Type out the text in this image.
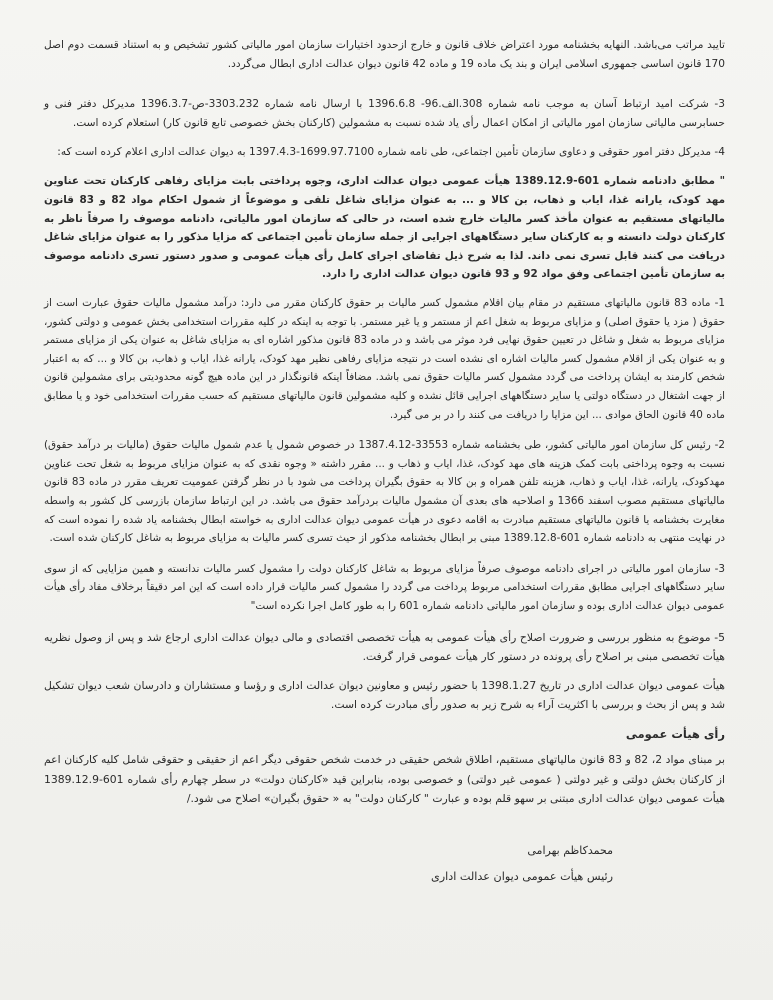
تایید مراتب می‌باشد. النهایه بخشنامه مورد اعتراض خلاف قانون و خارج ازحدود اختیارات سازمان امور مالیاتی کشور تشخیص و به استناد قسمت دوم اصل 170 قانون اساسی جمهوری اسلامی ایران و بند یک ماده 19 و ماده 42 قانون دیوان عدالت اداری ابطال می‌گردد.

3- شرکت امید ارتباط آسان به موجب نامه شماره 308.الف.96- 1396.6.8 با ارسال نامه شماره 3303.232-ص-1396.3.7 مدیرکل دفتر فنی و حسابرسی مالیاتی سازمان امور مالیاتی از امکان اعمال رأی یاد شده نسبت به مشمولین (کارکنان بخش خصوصی تابع قانون کار) استعلام کرده است.

4- مدیرکل دفتر امور حقوقی و دعاوی سازمان تأمین اجتماعی، طی نامه شماره 1699.97.7100-1397.4.3 به دیوان عدالت اداری اعلام کرده است که:

" مطابق دادنامه شماره 601-1389.12.9 هیأت عمومی دیوان عدالت اداری، وجوه پرداختی بابت مزایای رفاهی کارکنان تحت عناوین مهد کودک، یارانه غذا، ایاب و ذهاب، بن کالا و ... به عنوان مزایای شاغل تلقی و موضوعاً از شمول احکام مواد 82 و 83 قانون مالیاتهای مستقیم به عنوان مأخذ کسر مالیات خارج شده است، در حالی که سازمان امور مالیاتی، دادنامه موصوف را صرفاً ناظر به کارکنان دولت دانسته و به کارکنان سایر دستگاههای اجرایی از جمله سازمان تأمین اجتماعی که مزایا مذکور را به عنوان مزایای شاغل دریافت می کنند قابل تسری نمی داند. لذا به شرح ذیل تقاضای اجرای کامل رأی هیأت عمومی و صدور دستور تسری دادنامه موصوف به سازمان تأمین اجتماعی وفق مواد 92 و 93 قانون دیوان عدالت اداری را دارد.

1- ماده 83 قانون مالیاتهای مستقیم در مقام بیان اقلام مشمول کسر مالیات بر حقوق کارکنان مقرر می دارد: درآمد مشمول مالیات حقوق عبارت است از حقوق ( مزد یا حقوق اصلی) و مزایای مربوط به شغل اعم از مستمر و یا غیر مستمر. با توجه به اینکه در کلیه مقررات استخدامی بخش عمومی و دولتی کشور، مزایای مربوط به شغل و شاغل در تعیین حقوق نهایی فرد موثر می باشد و در ماده 83 قانون مذکور اشاره ای به مزایای شاغل به عنوان یکی از مزایای مستمر و به عنوان یکی از اقلام مشمول کسر مالیات اشاره ای نشده است در نتیجه مزایای رفاهی نظیر مهد کودک، یارانه غذا، ایاب و ذهاب، بن کالا و ... که به اعتبار شخص کارمند به ایشان پرداخت می گردد مشمول کسر مالیات حقوق نمی باشد. مضافاً اینکه قانونگذار در این ماده هیچ گونه محدودیتی برای مشمولین قانون از جهت اشتغال در دستگاه دولتی یا سایر دستگاههای اجرایی قائل نشده و کلیه مشمولین قانون مالیاتهای مستقیم که حسب مقررات استخدامی خود و یا مطابق ماده 40 قانون الحاق موادی ... این مزایا را دریافت می کنند را در بر می گیرد.

2- رئیس کل سازمان امور مالیاتی کشور، طی بخشنامه شماره 33553-1387.4.12 در خصوص شمول یا عدم شمول مالیات حقوق (مالیات بر درآمد حقوق) نسبت به وجوه پرداختی بابت کمک هزینه های مهد کودک، غذا، ایاب و ذهاب و ... مقرر داشته « وجوه نقدی که به عنوان مزایای مربوط به شغل تحت عناوین مهدکودک، یارانه، غذا، ایاب و ذهاب، هزینه تلفن همراه و بن کالا به حقوق بگیران پرداخت می شود با در نظر گرفتن عمومیت تعریف مقرر در ماده 83 قانون مالیاتهای مستقیم مصوب اسفند 1366 و اصلاحیه های بعدی آن مشمول مالیات بردرآمد حقوق می باشد. در این ارتباط سازمان بازرسی کل کشور به واسطه مغایرت بخشنامه یا قانون مالیاتهای مستقیم مبادرت به اقامه دعوی در هیأت عمومی دیوان عدالت اداری به خواسته ابطال بخشنامه یاد شده را نموده است که در نهایت منتهی به دادنامه شماره 601-1389.12.8 مبنی بر ابطال بخشنامه مذکور از حیث تسری کسر مالیات به مزایای مربوط به شاغل کارکنان شده است.

3- سازمان امور مالیاتی در اجرای دادنامه موصوف صرفاً مزایای مربوط به شاغل کارکنان دولت را مشمول کسر مالیات ندانسته و همین مزایایی که از سوی سایر دستگاههای اجرایی مطابق مقررات استخدامی مربوط پرداخت می گردد را مشمول کسر مالیات قرار داده است که این امر دقیقاً برخلاف مفاد رأی هیأت عمومی دیوان عدالت اداری بوده و سازمان امور مالیاتی دادنامه شماره 601 را به طور کامل اجرا نکرده است"

5- موضوع به منظور بررسی و ضرورت اصلاح رأی هیأت عمومی به هیأت تخصصی اقتصادی و مالی دیوان عدالت اداری ارجاع شد و پس از وصول نظریه هیأت تخصصی مبنی بر اصلاح رأی پرونده در دستور کار هیأت عمومی قرار گرفت.

هیأت عمومی دیوان عدالت اداری در تاریخ 1398.1.27 با حضور رئیس و معاونین دیوان عدالت اداری و رؤسا و مستشاران و دادرسان شعب دیوان تشکیل شد و پس از بحث و بررسی با اکثریت آراء به شرح زیر به صدور رأی مبادرت کرده است.

رأی هیأت عمومی

بر مبنای مواد 2، 82 و 83 قانون مالیاتهای مستقیم، اطلاق شخص حقیقی در خدمت شخص حقوقی دیگر اعم از حقیقی و حقوقی شامل کلیه کارکنان اعم از کارکنان بخش دولتی و غیر دولتی ( عمومی غیر دولتی) و خصوصی بوده، بنابراین قید «کارکنان دولت» در سطر چهارم رأی شماره 601-1389.12.9 هیأت عمومی دیوان عدالت اداری مبتنی بر سهو قلم بوده و عبارت " کارکنان دولت" به « حقوق بگیران» اصلاح می شود./

محمدکاظم بهرامی
رئیس هیأت عمومی دیوان عدالت اداری
